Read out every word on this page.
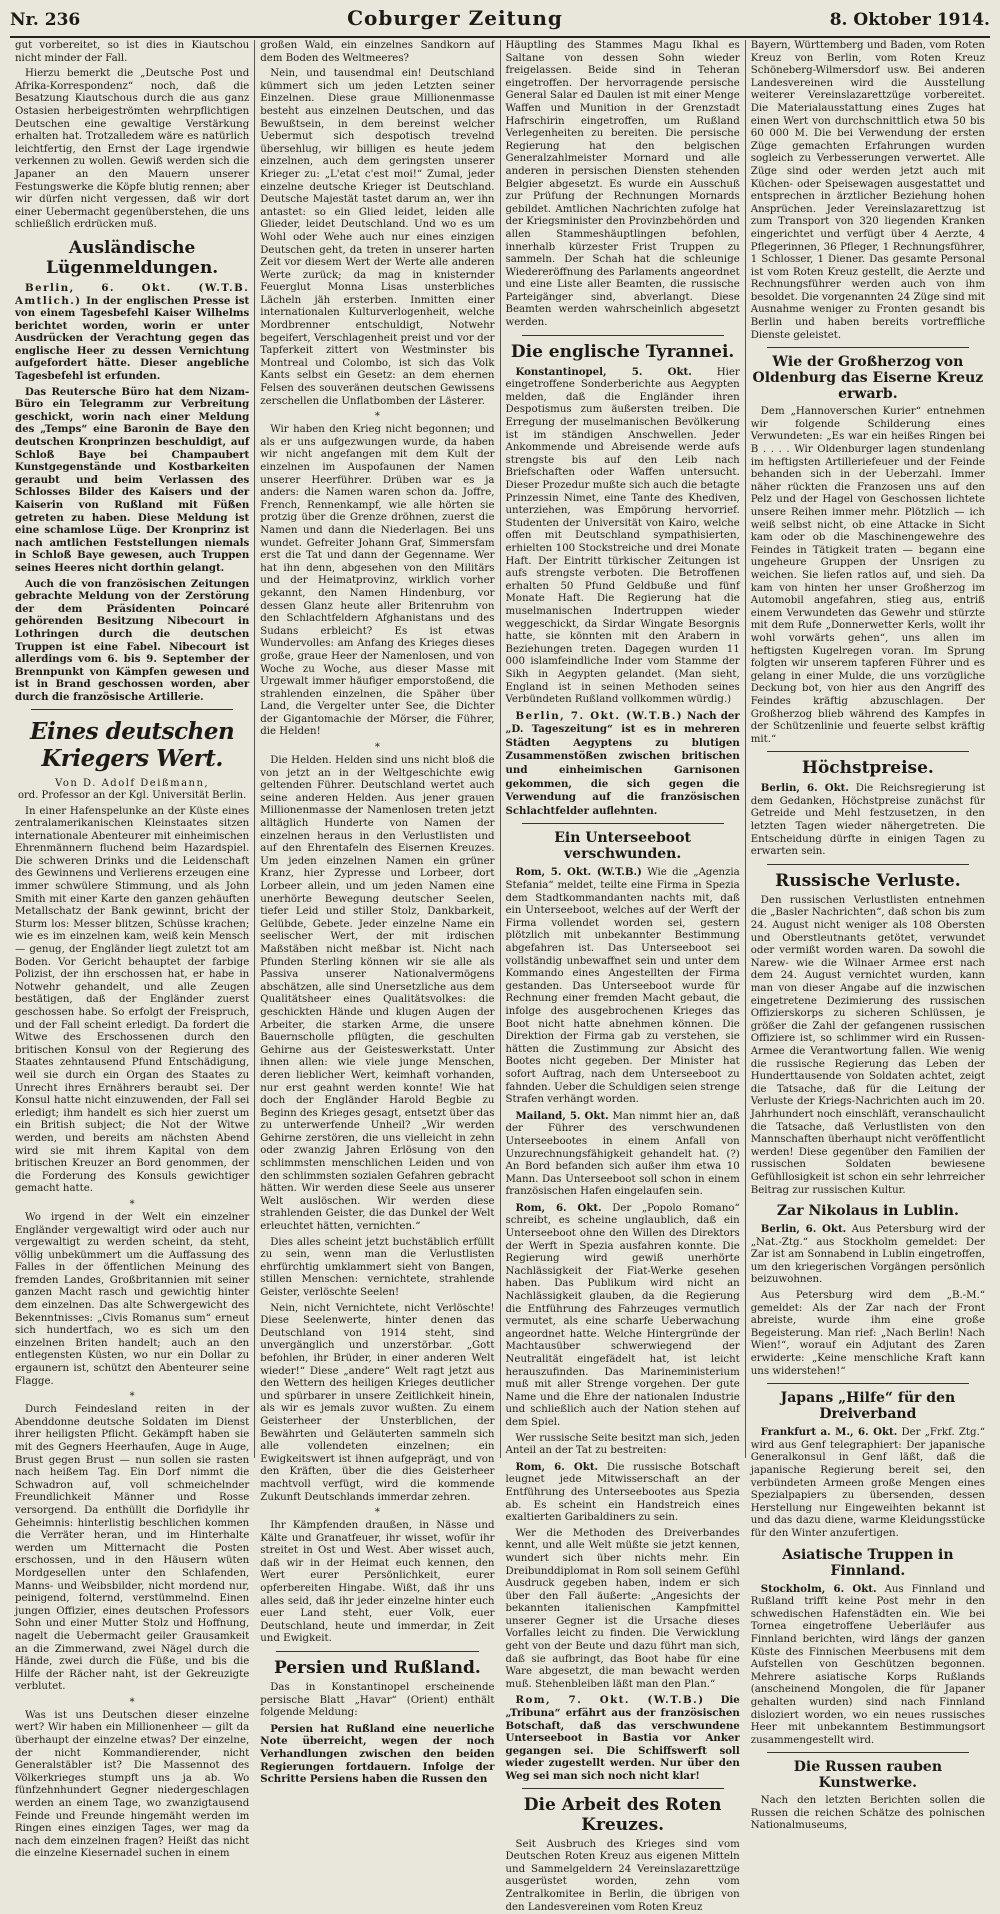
Nr. 236	Coburger Zeitung	8. Oktober 1914.

gut vorbereitet, so ist dies in Kiautschou nicht minder der Fall.

Hierzu bemerkt die „Deutsche Post und Afrika-Korrespondenz“ noch, daß die Besatzung Kiautschous durch die aus ganz Ostasien herbeigeströmten wehrpflichtigen Deutschen eine gewaltige Verstärkung erhalten hat. Trotzalledem wäre es natürlich leichtfertig, den Ernst der Lage irgendwie verkennen zu wollen. Gewiß werden sich die Japaner an den Mauern unserer Festungswerke die Köpfe blutig rennen; aber wir dürfen nicht vergessen, daß wir dort einer Uebermacht gegenüberstehen, die uns schließlich erdrücken muß.

Ausländische Lügenmeldungen.

Berlin, 6. Okt. (W.T.B. Amtlich.) In der englischen Presse ist von einem Tagesbefehl Kaiser Wilhelms berichtet worden, worin er unter Ausdrücken der Verachtung gegen das englische Heer zu dessen Vernichtung aufgefordert hätte. Dieser angebliche Tagesbefehl ist erfunden.

Das Reutersche Büro hat dem Nizam-Büro ein Telegramm zur Verbreitung geschickt, worin nach einer Meldung des „Temps“ eine Baronin de Baye den deutschen Kronprinzen beschuldigt, auf Schloß Baye bei Champaubert Kunstgegenstände und Kostbarkeiten geraubt und beim Verlassen des Schlosses Bilder des Kaisers und der Kaiserin von Rußland mit Füßen getreten zu haben. Diese Meldung ist eine schamlose Lüge. Der Kronprinz ist nach amtlichen Feststellungen niemals in Schloß Baye gewesen, auch Truppen seines Heeres nicht dorthin gelangt.

Auch die von französischen Zeitungen gebrachte Meldung von der Zerstörung der dem Präsidenten Poincaré gehörenden Besitzung Nibecourt in Lothringen durch die deutschen Truppen ist eine Fabel. Nibecourt ist allerdings vom 6. bis 9. September der Brennpunkt von Kämpfen gewesen und ist in Brand geschossen worden, aber durch die französische Artillerie.

Eines deutschen Kriegers Wert.
Von D. Adolf Deißmann,
ord. Professor an der Kgl. Universität Berlin.

In einer Hafenspelunke an der Küste eines zentralamerikanischen Kleinstaates sitzen internationale Abenteurer mit einheimischen Ehrenmännern fluchend beim Hazardspiel. Die schweren Drinks und die Leidenschaft des Gewinnens und Verlierens erzeugen eine immer schwülere Stimmung, und als John Smith mit einer Karte den ganzen gehäuften Metallschatz der Bank gewinnt, bricht der Sturm los: Messer blitzen, Schüsse krachen; wie es im einzelnen kam, weiß kein Mensch — genug, der Engländer liegt zuletzt tot am Boden. Vor Gericht behauptet der farbige Polizist, der ihn erschossen hat, er habe in Notwehr gehandelt, und alle Zeugen bestätigen, daß der Engländer zuerst geschossen habe. So erfolgt der Freispruch, und der Fall scheint erledigt. Da fordert die Witwe des Erschossenen durch den britischen Konsul von der Regierung des Staates zehntausend Pfund Entschädigung, weil sie durch ein Organ des Staates zu Unrecht ihres Ernährers beraubt sei. Der Konsul hatte nicht einzuwenden, der Fall sei erledigt; ihm handelt es sich hier zuerst um ein British subject; die Not der Witwe werden, und bereits am nächsten Abend wird sie mit ihrem Kapital von dem britischen Kreuzer an Bord genommen, der die Forderung des Konsuls gewichtiger gemacht hatte.

*

Wo irgend in der Welt ein einzelner Engländer vergewaltigt wird oder auch nur vergewaltigt zu werden scheint, da steht, völlig unbekümmert um die Auffassung des Falles in der öffentlichen Meinung des fremden Landes, Großbritannien mit seiner ganzen Macht rasch und gewichtig hinter dem einzelnen. Das alte Schwergewicht des Bekenntnisses: „Civis Romanus sum“ erneut sich hundertfach, wo es sich um den einzelnen Briten handelt; auch an den entlegensten Küsten, wo nur ein Dollar zu ergaunern ist, schützt den Abenteurer seine Flagge.

*

Durch Feindesland reiten in der Abenddonne deutsche Soldaten im Dienst ihrer heiligsten Pflicht. Gekämpft haben sie mit des Gegners Heerhaufen, Auge in Auge, Brust gegen Brust — nun sollen sie rasten nach heißem Tag. Ein Dorf nimmt die Schwadron auf, voll schmeichelnder Freundlichkeit Männer und Rosse versorgend. Da enthüllt die Dorfidylle ihr Geheimnis: hinterlistig beschlichen kommen die Verräter heran, und im Hinterhalte werden um Mitternacht die Posten erschossen, und in den Häusern wüten Mordgesellen unter den Schlafenden, Manns- und Weibsbilder, nicht mordend nur, peinigend, folternd, verstümmelnd. Einen jungen Offizier, eines deutschen Professors Sohn und einer Mutter Stolz und Hoffnung, nagelt die Uebermacht geiler Grausamkeit an die Zimmerwand, zwei Nägel durch die Hände, zwei durch die Füße, und bis die Hilfe der Rächer naht, ist der Gekreuzigte verblutet.

*

Was ist uns Deutschen dieser einzelne wert? Wir haben ein Millionenheer — gilt da überhaupt der einzelne etwas? Der einzelne, der nicht Kommandierender, nicht Generalstäbler ist? Die Massennot des Völkerkrieges stumpft uns ja ab. Wo fünfzehnhundert Gegner niedergeschlagen werden an einem Tage, wo zwanzigtausend Feinde und Freunde hingemäht werden im Ringen eines einzigen Tages, wer mag da nach dem einzelnen fragen? Heißt das nicht die einzelne Kiesernadel suchen in einem

großen Wald, ein einzelnes Sandkorn auf dem Boden des Weltmeeres?

Nein, und tausendmal ein! Deutschland kümmert sich um jeden Letzten seiner Einzelnen. Diese graue Millionenmasse besteht aus einzelnen Deutschen, und das Bewußtsein, in dem bereinst welcher Uebermut sich despotisch trevelnd übersehlug, wir billigen es heute jedem einzelnen, auch dem geringsten unserer Krieger zu: „L'etat c'est moi!“ Zumal, jeder einzelne deutsche Krieger ist Deutschland. Deutsche Majestät tastet darum an, wer ihn antastet: so ein Glied leidet, leiden alle Glieder, leidet Deutschland. Und wo es um Wohl oder Wehe auch nur eines einzigen Deutschen geht, da treten in unserer harten Zeit vor diesem Wert der Werte alle anderen Werte zurück; da mag in knisternder Feuerglut Monna Lisas unsterbliches Lächeln jäh ersterben. Inmitten einer internationalen Kulturverlogenheit, welche Mordbrenner entschuldigt, Notwehr begeifert, Verschlagenheit preist und vor der Tapferkeit zittert von Westminster bis Montreal und Colombo, ist sich das Volk Kants selbst ein Gesetz: an dem ehernen Felsen des souveränen deutschen Gewissens zerschellen die Unflatbomben der Lästerer.

*

Wir haben den Krieg nicht begonnen; und als er uns aufgezwungen wurde, da haben wir nicht angefangen mit dem Kult der einzelnen im Auspofaunen der Namen unserer Heerführer. Drüben war es ja anders: die Namen waren schon da. Joffre, French, Rennenkampf, wie alle hörten sie protzig über die Grenze dröhnen, zuerst die Namen und dann die Niederlagen. Bei uns wundet. Gefreiter Johann Graf, Simmersfam erst die Tat und dann der Gegenname. Wer hat ihn denn, abgesehen von den Militärs und der Heimatprovinz, wirklich vorher gekannt, den Namen Hindenburg, vor dessen Glanz heute aller Britenruhm von den Schlachtfeldern Afghanistans und des Sudans erbleicht? Es ist etwas Wundervolles: am Anfang des Krieges dieses große, graue Heer der Namenlosen, und von Woche zu Woche, aus dieser Masse mit Urgewalt immer häufiger emporstoßend, die strahlenden einzelnen, die Späher über Land, die Vergelter unter See, die Dichter der Gigantomachie der Mörser, die Führer, die Helden!

*

Die Helden. Helden sind uns nicht bloß die von jetzt an in der Weltgeschichte ewig geltenden Führer. Deutschland wertet auch seine anderen Helden. Aus jener grauen Millionenmasse der Namenlosen treten jetzt alltäglich Hunderte von Namen der einzelnen heraus in den Verlustlisten und auf den Ehrentafeln des Eisernen Kreuzes. Um jeden einzelnen Namen ein grüner Kranz, hier Zypresse und Lorbeer, dort Lorbeer allein, und um jeden Namen eine unerhörte Bewegung deutscher Seelen, tiefer Leid und stiller Stolz, Dankbarkeit, Gelübde, Gebete. Jeder einzelne Name ein seelischer Wert, der mit irdischen Maßstäben nicht meßbar ist. Nicht nach Pfunden Sterling können wir sie alle als Passiva unserer Nationalvermögens abschätzen, alle sind Unersetzliche aus dem Qualitätsheer eines Qualitätsvolkes: die geschickten Hände und klugen Augen der Arbeiter, die starken Arme, die unsere Bauernscholle pflügten, die geschulten Gehirne aus der Geisteswerkstatt. Unter ihnen allen: wie viele junge Menschen, deren lieblicher Wert, keimhaft vorhanden, nur erst geahnt werden konnte! Wie hat doch der Engländer Harold Begbie zu Beginn des Krieges gesagt, entsetzt über das zu unterwerfende Unheil? „Wir werden Gehirne zerstören, die uns vielleicht in zehn oder zwanzig Jahren Erlösung von den schlimmsten menschlichen Leiden und von den schlimmsten sozialen Gefahren gebracht hätten. Wir werden diese Seele aus unserer Welt auslöschen. Wir werden diese strahlenden Geister, die das Dunkel der Welt erleuchtet hätten, vernichten.“

Dies alles scheint jetzt buchstäblich erfüllt zu sein, wenn man die Verlustlisten ehrfürchtig umklammert sieht von Bangen, stillen Menschen: vernichtete, strahlende Geister, verlöschte Seelen!

Nein, nicht Vernichtete, nicht Verlöschte! Diese Seelenwerte, hinter denen das Deutschland von 1914 steht, sind unvergänglich und unzerstörbar. „Gott befohlen, ihr Brüder, in einer anderen Welt wieder!“ Diese „andere“ Welt ragt jetzt aus den Wettern des heiligen Krieges deutlicher und spürbarer in unsere Zeitlichkeit hinein, als wir es jemals zuvor wußten. Zu einem Geisterheer der Unsterblichen, der Bewährten und Geläuterten sammeln sich alle vollendeten einzelnen; ein Ewigkeitswert ist ihnen aufgeprägt, und von den Kräften, über die dies Geisterheer machtvoll verfügt, wird die kommende Zukunft Deutschlands immerdar zehren.

*

Ihr Kämpfenden draußen, in Nässe und Kälte und Granatfeuer, ihr wisset, wofür ihr streitet in Ost und West. Aber wisset auch, daß wir in der Heimat euch kennen, den Wert eurer Persönlichkeit, eurer opferbereiten Hingabe. Wißt, daß ihr uns alles seid, daß ihr jeder einzelne hinter euch euer Land steht, euer Volk, euer Deutschland, heute und immerdar, in Zeit und Ewigkeit.

Persien und Rußland.

Das in Konstantinopel erscheinende persische Blatt „Havar“ (Orient) enthält folgende Meldung:

Persien hat Rußland eine neuerliche Note überreicht, wegen der noch Verhandlungen zwischen den beiden Regierungen fortdauern. Infolge der Schritte Persiens haben die Russen den

Häuptling des Stammes Magu Ikhal es Saltane von dessen Sohn wieder freigelassen. Beide sind in Teheran eingetroffen. Der hervorragende persische General Salar ed Daulen ist mit einer Menge Waffen und Munition in der Grenzstadt Hafrschirin eingetroffen, um Rußland Verlegenheiten zu bereiten. Die persische Regierung hat den belgischen Generalzahlmeister Mornard und alle anderen in persischen Diensten stehenden Belgier abgesetzt. Es wurde ein Ausschuß zur Prüfung der Rechnungen Mornards gebildet. Amtlichen Nachrichten zufolge hat der Kriegsminister den Provinzbehörden und allen Stammeshäuptlingen befohlen, innerhalb kürzester Frist Truppen zu sammeln. Der Schah hat die schleunige Wiedereröffnung des Parlaments angeordnet und eine Liste aller Beamten, die russische Parteigänger sind, abverlangt. Diese Beamten werden wahrscheinlich abgesetzt werden.

Die englische Tyrannei.

Konstantinopel, 5. Okt. Hier eingetroffene Sonderberichte aus Aegypten melden, daß die Engländer ihren Despotismus zum äußersten treiben. Die Erregung der muselmanischen Bevölkerung ist im ständigen Anschwellen. Jeder Ankommende und Abreisende werde aufs strengste bis auf den Leib nach Briefschaften oder Waffen untersucht. Dieser Prozedur mußte sich auch die betagte Prinzessin Nimet, eine Tante des Khediven, unterziehen, was Empörung hervorrief. Studenten der Universität von Kairo, welche offen mit Deutschland sympathisierten, erhielten 100 Stockstreiche und drei Monate Haft. Der Eintritt türkischer Zeitungen ist aufs strengste verboten. Die Betroffenen erhalten 50 Pfund Geldbuße und fünf Monate Haft. Die Regierung hat die muselmanischen Indertruppen wieder weggeschickt, da Sirdar Wingate Besorgnis hatte, sie könnten mit den Arabern in Beziehungen treten. Dagegen wurden 11 000 islamfeindliche Inder vom Stamme der Sikh in Aegypten gelandet. (Man sieht, England ist in seinen Methoden seines Verbündeten Rußland vollkommen würdig.)

Berlin, 7. Okt. (W.T.B.) Nach der „D. Tageszeitung“ ist es in mehreren Städten Aegyptens zu blutigen Zusammenstößen zwischen britischen und einheimischen Garnisonen gekommen, die sich gegen die Verwendung auf die französischen Schlachtfelder auflehnten.

Ein Unterseeboot verschwunden.

Rom, 5. Okt. (W.T.B.) Wie die „Agenzia Stefania“ meldet, teilte eine Firma in Spezia dem Stadtkommandanten nachts mit, daß ein Unterseeboot, welches auf der Werft der Firma vollendet worden sei, gestern plötzlich mit unbekannter Bestimmung abgefahren ist. Das Unterseeboot sei vollständig unbewaffnet sein und unter dem Kommando eines Angestellten der Firma gestanden. Das Unterseeboot wurde für Rechnung einer fremden Macht gebaut, die infolge des ausgebrochenen Krieges das Boot nicht hatte abnehmen können. Die Direktion der Firma gab zu verstehen, sie hätten die Zustimmung zur Absicht des Bootes nicht gegeben. Der Minister hat sofort Auftrag, nach dem Unterseeboot zu fahnden. Ueber die Schuldigen seien strenge Strafen verhängt worden.

Mailand, 5. Okt. Man nimmt hier an, daß der Führer des verschwundenen Unterseebootes in einem Anfall von Unzurechnungsfähigkeit gehandelt hat. (?) An Bord befanden sich außer ihm etwa 10 Mann. Das Unterseeboot soll schon in einem französischen Hafen eingelaufen sein.

Rom, 6. Okt. Der „Popolo Romano“ schreibt, es scheine unglaublich, daß ein Unterseeboot ohne den Willen des Direktors der Werft in Spezia ausfahren konnte. Die Regierung wird gewiß unerhörte Nachlässigkeit der Fiat-Werke gesehen haben. Das Publikum wird nicht an Nachlässigkeit glauben, da die Regierung die Entführung des Fahrzeuges vermutlich vermutet, als eine scharfe Ueberwachung angeordnet hatte. Welche Hintergründe der Machtausüber schwerwiegend der Neutralität eingefädelt hat, ist leicht herauszufinden. Das Marineministerium muß mit aller Strenge vorgehen. Der gute Name und die Ehre der nationalen Industrie und schließlich auch der Nation stehen auf dem Spiel.

Wer russische Seite besitzt man sich, jeden Anteil an der Tat zu bestreiten:

Rom, 6. Okt. Die russische Botschaft leugnet jede Mitwisserschaft an der Entführung des Unterseebootes aus Spezia ab. Es scheint ein Handstreich eines exaltierten Garibaldiners zu sein.

Wer die Methoden des Dreiverbandes kennt, und alle Welt müßte sie jetzt kennen, wundert sich über nichts mehr. Ein Dreibunddiplomat in Rom soll seinem Gefühl Ausdruck gegeben haben, indem er sich über den Fall äußerte: „Angesichts der bekannten italienischen Kampfmittel unserer Gegner ist die Ursache dieses Vorfalles leicht zu finden. Die Verwicklung geht von der Beute und dazu führt man sich, daß sie aufbringt, das Boot habe für eine Ware abgesetzt, die man bewacht werden muß. Stehenbleiben läßt man den Plan.“

Rom, 7. Okt. (W.T.B.) Die „Tribuna“ erfährt aus der französischen Botschaft, daß das verschwundene Unterseeboot in Bastia vor Anker gegangen sei. Die Schiffswerft soll wieder zugestellt werden. Nur über den Weg sei man sich noch nicht klar!

Die Arbeit des Roten Kreuzes.

Seit Ausbruch des Krieges sind vom Deutschen Roten Kreuz aus eigenen Mitteln und Sammelgeldern 24 Vereinslazarettzüge ausgerüstet worden, zehn vom Zentralkomitee in Berlin, die übrigen von den Landesvereinen vom Roten Kreuz

Bayern, Württemberg und Baden, vom Roten Kreuz von Berlin, vom Roten Kreuz Schöneberg-Wilmersdorf usw. Bei anderen Landesvereinen wird die Ausstellung weiterer Vereinslazarettzüge vorbereitet. Die Materialausstattung eines Zuges hat einen Wert von durchschnittlich etwa 50 bis 60 000 M. Die bei Verwendung der ersten Züge gemachten Erfahrungen wurden sogleich zu Verbesserungen verwertet. Alle Züge sind oder werden jetzt auch mit Küchen- oder Speisewagen ausgestattet und entsprechen in ärztlicher Beziehung hohen Ansprüchen. Jeder Vereinslazarettzug ist zum Transport von 320 liegenden Kranken eingerichtet und verfügt über 4 Aerzte, 4 Pflegerinnen, 36 Pfleger, 1 Rechnungsführer, 1 Schlosser, 1 Diener. Das gesamte Personal ist vom Roten Kreuz gestellt, die Aerzte und Rechnungsführer werden auch von ihm besoldet. Die vorgenannten 24 Züge sind mit Ausnahme weniger zu Fronten gesandt bis Berlin und haben bereits vortreffliche Dienste geleistet.

Wie der Großherzog von Oldenburg das Eiserne Kreuz erwarb.

Dem „Hannoverschen Kurier“ entnehmen wir folgende Schilderung eines Verwundeten: „Es war ein heißes Ringen bei B . . . . Wir Oldenburger lagen stundenlang im heftigsten Artilleriefeuer und der Feinde behanden sich in der Ueberzahl. Immer näher rückten die Franzosen uns auf den Pelz und der Hagel von Geschossen lichtete unsere Reihen immer mehr. Plötzlich — ich weiß selbst nicht, ob eine Attacke in Sicht kam oder ob die Maschinengewehre des Feindes in Tätigkeit traten — begann eine ungeheure Gruppen der Unsrigen zu weichen. Sie liefen ratlos auf, und sieh. Da kam von hinten her unser Großherzog im Automobil angefahren, stieg aus, entriß einem Verwundeten das Gewehr und stürzte mit dem Rufe „Donnerwetter Kerls, wollt ihr wohl vorwärts gehen“, uns allen im heftigsten Kugelregen voran. Im Sprung folgten wir unserem tapferen Führer und es gelang in einer Mulde, die uns vorzügliche Deckung bot, von hier aus den Angriff des Feindes kräftig abzuschlagen. Der Großherzog blieb während des Kampfes in der Schützenlinie und feuerte selbst kräftig mit.“

Höchstpreise.

Berlin, 6. Okt. Die Reichsregierung ist dem Gedanken, Höchstpreise zunächst für Getreide und Mehl festzusetzen, in den letzten Tagen wieder nähergetreten. Die Entscheidung dürfte in einigen Tagen zu erwarten sein.

Russische Verluste.

Den russischen Verlustlisten entnehmen die „Basler Nachrichten“, daß schon bis zum 24. August nicht weniger als 108 Obersten und Oberstleutnants getötet, verwundet oder vermißt worden waren. Da sowohl die Narew- wie die Wilnaer Armee erst nach dem 24. August vernichtet wurden, kann man von dieser Angabe auf die inzwischen eingetretene Dezimierung des russischen Offizierskorps zu sicheren Schlüssen, je größer die Zahl der gefangenen russischen Offiziere ist, so schlimmer wird ein Russen-Armee die Verantwortung fallen. Wie wenig die russische Regierung das Leben der Hunderttausende von Soldaten achtet, zeigt die Tatsache, daß für die Leitung der Verluste der Kriegs-Nachrichten auch im 20. Jahrhundert noch einschläft, veranschaulicht die Tatsache, daß Verlustlisten von den Mannschaften überhaupt nicht veröffentlicht werden! Diese gegenüber den Familien der russischen Soldaten bewiesene Gefühllosigkeit ist schon ein sehr lehrreicher Beitrag zur russischen Kultur.

Zar Nikolaus in Lublin.

Berlin, 6. Okt. Aus Petersburg wird der „Nat.-Ztg.“ aus Stockholm gemeldet: Der Zar ist am Sonnabend in Lublin eingetroffen, um den kriegerischen Vorgängen persönlich beizuwohnen.

Aus Petersburg wird dem „B.-M.“ gemeldet: Als der Zar nach der Front abreiste, wurde ihm eine große Begeisterung. Man rief: „Nach Berlin! Nach Wien!“, worauf ein Adjutant des Zaren erwiderte: „Keine menschliche Kraft kann uns widerstehen!“

Japans „Hilfe“ für den Dreiverband

Frankfurt a. M., 6. Okt. Der „Frkf. Ztg.“ wird aus Genf telegraphiert: Der japanische Generalkonsul in Genf läßt, daß die japanische Regierung bereit sei, den verbündeten Armeen große Mengen eines Spezialpapiers zu übersenden, dessen Herstellung nur Eingeweihten bekannt ist und das dazu diene, warme Kleidungsstücke für den Winter anzufertigen.

Asiatische Truppen in Finnland.

Stockholm, 6. Okt. Aus Finnland und Rußland trifft keine Post mehr in den schwedischen Hafenstädten ein. Wie bei Tornea eingetroffene Ueberläufer aus Finnland berichten, wird längs der ganzen Küste des Finnischen Meerbusens mit dem Aufstellen von Geschützen begonnen. Mehrere asiatische Korps Rußlands (anscheinend Mongolen, die für Japaner gehalten wurden) sind nach Finnland disloziert worden, wo ein neues russisches Heer mit unbekanntem Bestimmungsort zusammengestellt wird.

Die Russen rauben Kunstwerke.

Nach den letzten Berichten sollen die Russen die reichen Schätze des polnischen Nationalmuseums,
